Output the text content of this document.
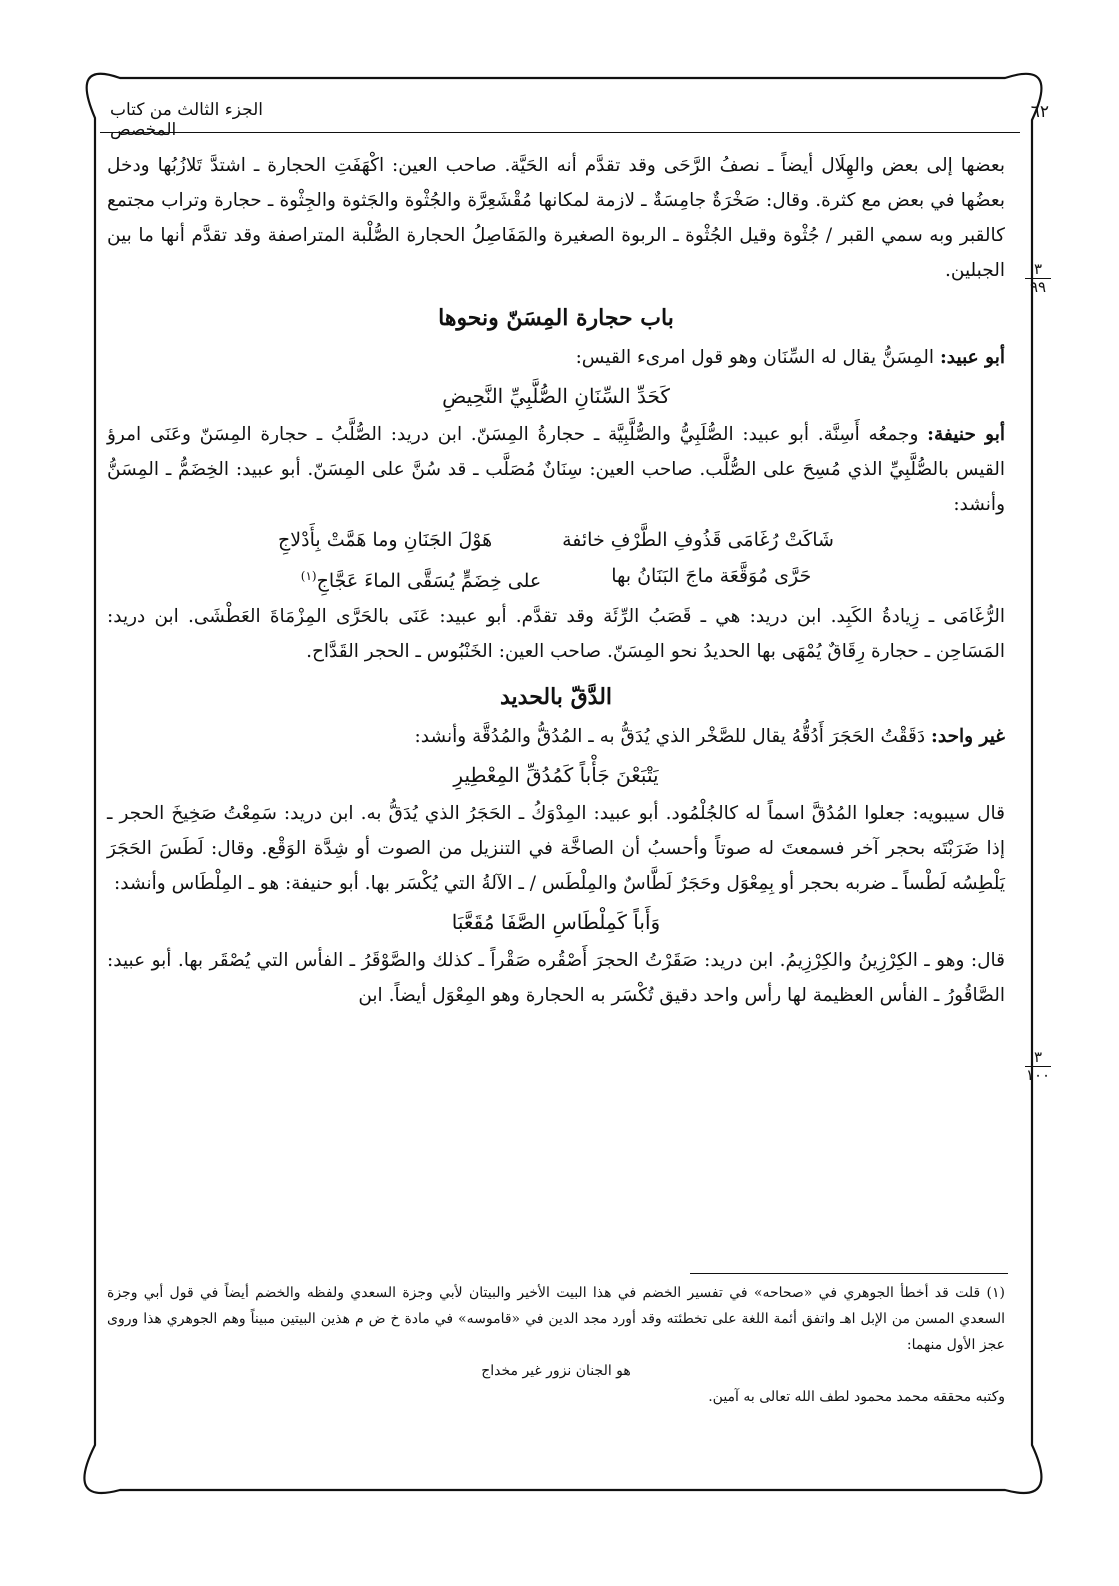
الجزء الثالث من كتاب المخصص
٦٢
٣
٩٩
٣
١٠٠

بعضها إلى بعض والهِلَال أيضاً ـ نصفُ الرَّحَى وقد تقدَّم أنه الحَيَّة. صاحب العين: اكْهَفَتِ الحجارة ـ اشتدَّ تَلازُبُها ودخل بعضُها في بعض مع كثرة. وقال: صَخْرَةٌ جامِسَةٌ ـ لازمة لمكانها مُقْشَعِرَّة والجُثْوة والجَثوة والجِثْوة ـ حجارة وتراب مجتمع كالقبر وبه سمي القبر / جُثْوة وقيل الجُثْوة ـ الربوة الصغيرة والمَفَاصِلُ الحجارة الصُّلْبة المتراصفة وقد تقدَّم أنها ما بين الجبلين.

باب حجارة المِسَنّ ونحوها

أبو عبيد: المِسَنُّ يقال له السِّنَان وهو قول امرىء القيس:

كَحَدِّ السِّنَانِ الصُّلَّبِيِّ النَّحِيضِ

أبو حنيفة: وجمعُه أَسِنَّة. أبو عبيد: الصُّلَبِيُّ والصُّلَّبِيَّة ـ حجارةُ المِسَنّ. ابن دريد: الصُّلَّبُ ـ حجارة المِسَنّ وعَنَى امرؤ القيس بالصُّلَّبِيِّ الذي مُسِحَ على الصُّلَّب. صاحب العين: سِنَانٌ مُصَلَّب ـ قد سُنَّ على المِسَنّ. أبو عبيد: الخِضَمُّ ـ المِسَنُّ وأنشد:

شَاكَتْ رُغَامَى قَذُوفِ الطَّرْفِ خائفة
هَوْلَ الجَنَانِ وما هَمَّتْ بِأَدْلاجِ
حَرَّى مُوَقَّعَة ماجَ البَنَانُ بها
على خِضَمٍّ يُسَقَّى الماءَ عَجَّاجِ$^{(١)}$

الرُّغَامَى ـ زِيادةُ الكَبِد. ابن دريد: هي ـ قَصَبُ الرِّئَة وقد تقدَّم. أبو عبيد: عَنَى بالحَرَّى المِزْمَاةَ العَطْشَى. ابن دريد: المَسَاحِن ـ حجارة رِقَاقٌ يُمْهَى بها الحديدُ نحو المِسَنّ. صاحب العين: الخَنْبُوس ـ الحجر القَدَّاح.

الدَّقّ بالحديد

غير واحد: دَقَقْتُ الحَجَرَ أَدُقُّهُ يقال للصَّخْر الذي يُدَقُّ به ـ المُدُقُّ والمُدُقَّة وأنشد:

يَتْبَعْنَ جَأْباً كَمُدُقِّ المِعْطِيرِ

قال سيبويه: جعلوا المُدُقَّ اسماً له كالجُلْمُود. أبو عبيد: المِدْوَكُ ـ الحَجَرُ الذي يُدَقُّ به. ابن دريد: سَمِعْتُ صَخِيخَ الحجر ـ إذا ضَرَبْتَه بحجر آخر فسمعتَ له صوتاً وأحسبُ أن الصاخَّة في التنزيل من الصوت أو شِدَّة الوَقْع. وقال: لَطَسَ الحَجَرَ يَلْطِسُه لَطْساً ـ ضربه بحجر أو بِمِعْوَل وحَجَرٌ لَطَّاسٌ والمِلْطَس / ـ الآلةُ التي يُكْسَر بها. أبو حنيفة: هو ـ المِلْطَاس وأنشد:

وَأَباً كَمِلْطَاسِ الصَّفَا مُقَعَّبَا

قال: وهو ـ الكِرْزِينُ والكِرْزِيمُ. ابن دريد: صَقَرْتُ الحجرَ أَصْقُره صَقْراً ـ كذلك والصَّوْقَرُ ـ الفأس التي يُصْقَر بها. أبو عبيد: الصَّاقُورُ ـ الفأس العظيمة لها رأس واحد دقيق تُكْسَر به الحجارة وهو المِعْوَل أيضاً. ابن

(١) قلت قد أخطأ الجوهري في «صحاحه» في تفسير الخضم في هذا البيت الأخير والبيتان لأبي وجزة السعدي ولفظه والخضم أيضاً في قول أبي وجزة السعدي المسن من الإبل اهـ واتفق أئمة اللغة على تخطئته وقد أورد مجد الدين في «قاموسه» في مادة خ ض م هذين البيتين مبيناً وهم الجوهري هذا وروى عجز الأول منهما:

هو الجنان نزور غير مخداج

وكتبه محققه محمد محمود لطف الله تعالى به آمين.
